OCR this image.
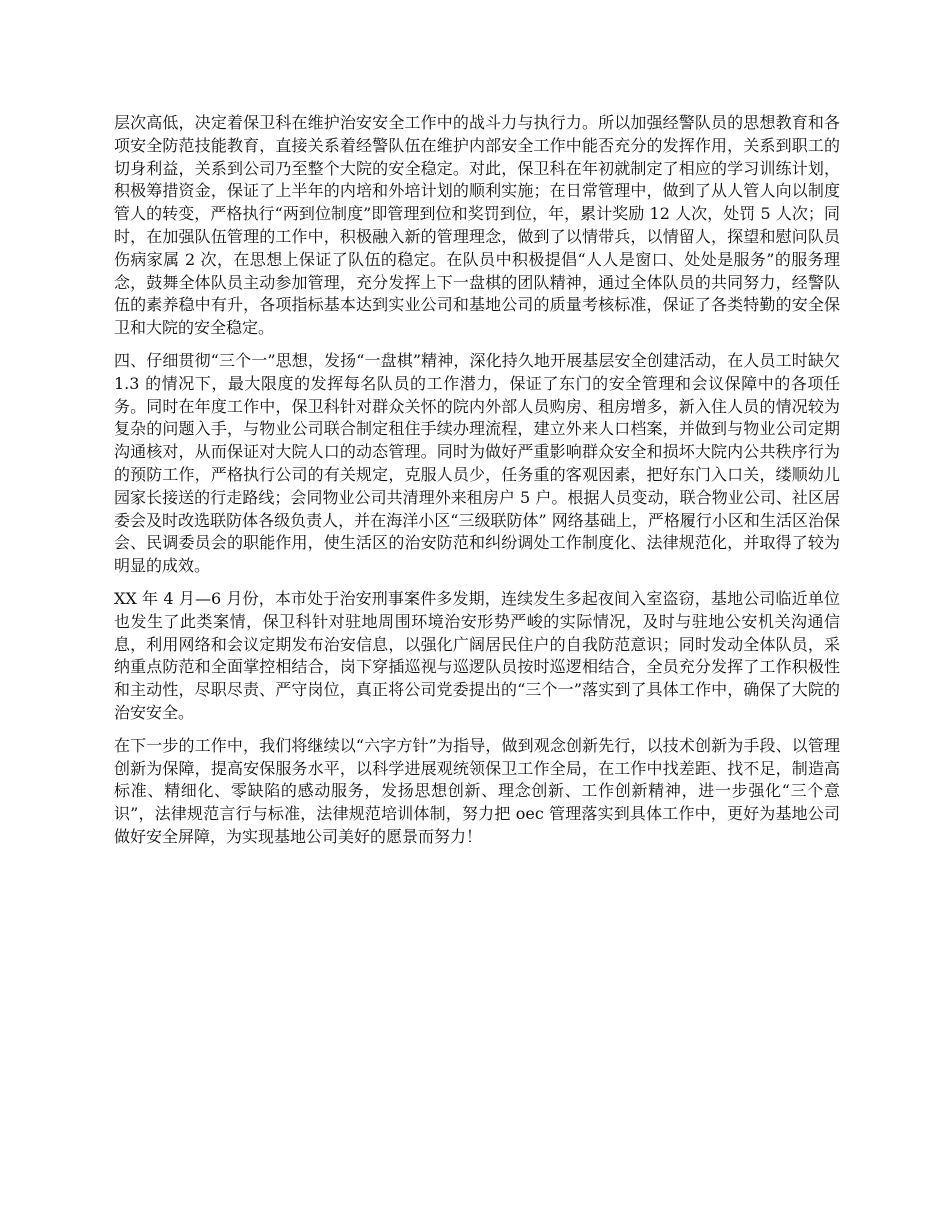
层次高低，决定着保卫科在维护治安安全工作中的战斗力与执行力。所以加强经警队员的思想教育和各项安全防范技能教育，直接关系着经警队伍在维护内部安全工作中能否充分的发挥作用，关系到职工的切身利益，关系到公司乃至整个大院的安全稳定。对此，保卫科在年初就制定了相应的学习训练计划，积极筹措资金，保证了上半年的内培和外培计划的顺利实施；在日常管理中，做到了从人管人向以制度管人的转变，严格执行“两到位制度”即管理到位和奖罚到位，年，累计奖励 12 人次，处罚 5 人次；同时，在加强队伍管理的工作中，积极融入新的管理理念，做到了以情带兵，以情留人，探望和慰问队员伤病家属 2 次，在思想上保证了队伍的稳定。在队员中积极提倡“人人是窗口、处处是服务”的服务理念，鼓舞全体队员主动参加管理，充分发挥上下一盘棋的团队精神，通过全体队员的共同努力，经警队伍的素养稳中有升，各项指标基本达到实业公司和基地公司的质量考核标准，保证了各类特勤的安全保卫和大院的安全稳定。

四、仔细贯彻“三个一”思想，发扬“一盘棋”精神，深化持久地开展基层安全创建活动，在人员工时缺欠 1.3 的情况下，最大限度的发挥每名队员的工作潜力，保证了东门的安全管理和会议保障中的各项任务。同时在年度工作中，保卫科针对群众关怀的院内外部人员购房、租房增多，新入住人员的情况较为复杂的问题入手，与物业公司联合制定租住手续办理流程，建立外来人口档案，并做到与物业公司定期沟通核对，从而保证对大院人口的动态管理。同时为做好严重影响群众安全和损坏大院内公共秩序行为的预防工作，严格执行公司的有关规定，克服人员少，任务重的客观因素，把好东门入口关，缕顺幼儿园家长接送的行走路线；会同物业公司共清理外来租房户 5 户。根据人员变动，联合物业公司、社区居委会及时改选联防体各级负责人，并在海洋小区“三级联防体” 网络基础上，严格履行小区和生活区治保会、民调委员会的职能作用，使生活区的治安防范和纠纷调处工作制度化、法律规范化，并取得了较为明显的成效。

XX 年 4 月—6 月份，本市处于治安刑事案件多发期，连续发生多起夜间入室盗窃，基地公司临近单位也发生了此类案情，保卫科针对驻地周围环境治安形势严峻的实际情况，及时与驻地公安机关沟通信息，利用网络和会议定期发布治安信息，以强化广阔居民住户的自我防范意识；同时发动全体队员，采纳重点防范和全面掌控相结合，岗下穿插巡视与巡逻队员按时巡逻相结合，全员充分发挥了工作积极性和主动性，尽职尽责、严守岗位，真正将公司党委提出的“三个一”落实到了具体工作中，确保了大院的治安安全。

在下一步的工作中，我们将继续以“六字方针”为指导，做到观念创新先行，以技术创新为手段、以管理创新为保障，提高安保服务水平，以科学进展观统领保卫工作全局，在工作中找差距、找不足，制造高标准、精细化、零缺陷的感动服务，发扬思想创新、理念创新、工作创新精神，进一步强化“三个意识”，法律规范言行与标准，法律规范培训体制，努力把 oec 管理落实到具体工作中，更好为基地公司做好安全屏障，为实现基地公司美好的愿景而努力！
